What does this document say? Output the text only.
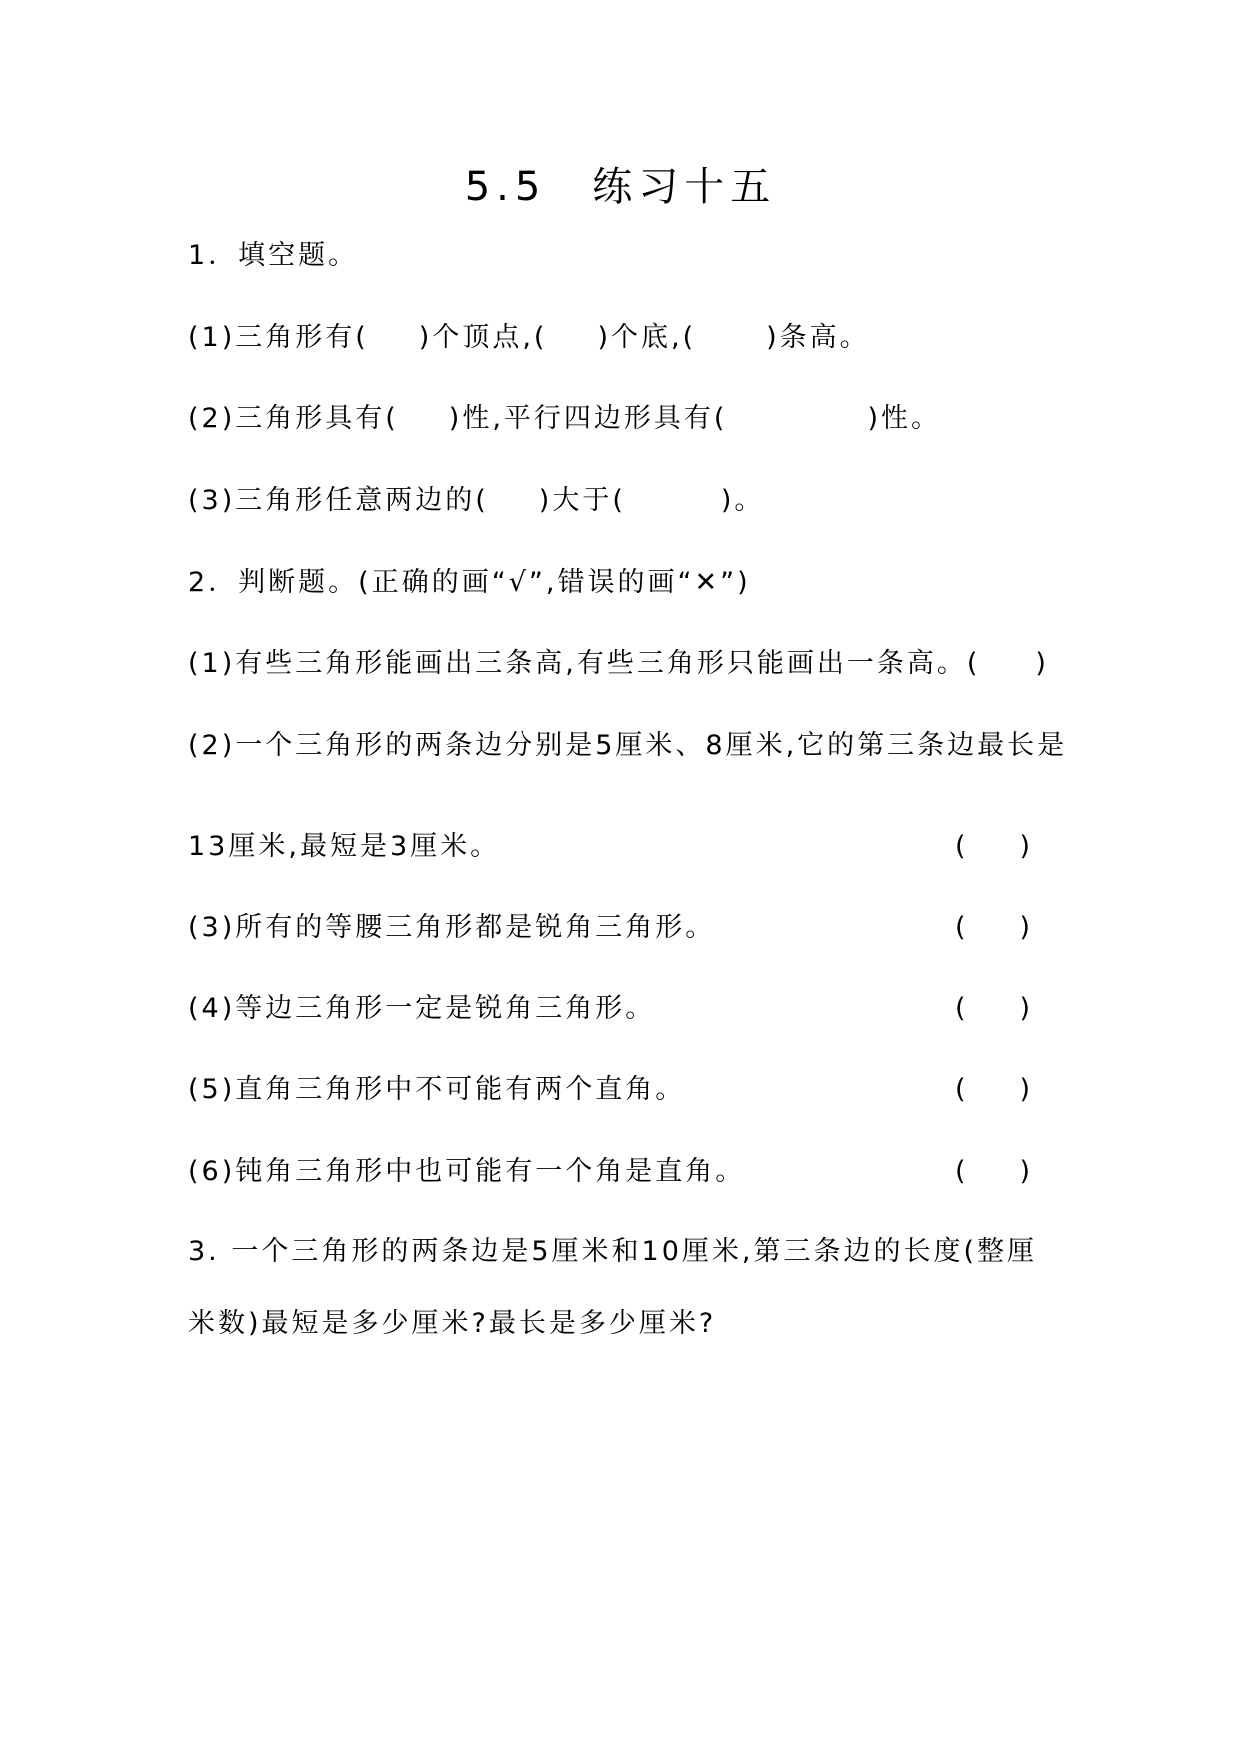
5.5　练习十五
1．填空题。
(1)三角形有( )个顶点,( )个底,(	)条高。
(2)三角形具有( )性,平行四边形具有(	)性。
(3)三角形任意两边的( )大于(	)。
2．判断题。(正确的画“√”,错误的画“✕”)
(1)有些三角形能画出三条高,有些三角形只能画出一条高。( )
(2)一个三角形的两条边分别是5厘米、8厘米,它的第三条边最长是
13厘米,最短是3厘米。	(　　)
(3)所有的等腰三角形都是锐角三角形。	(　　)
(4)等边三角形一定是锐角三角形。	(　　)
(5)直角三角形中不可能有两个直角。	(　　)
(6)钝角三角形中也可能有一个角是直角。	(　　)
3. 一个三角形的两条边是5厘米和10厘米,第三条边的长度(整厘
米数)最短是多少厘米?最长是多少厘米?
